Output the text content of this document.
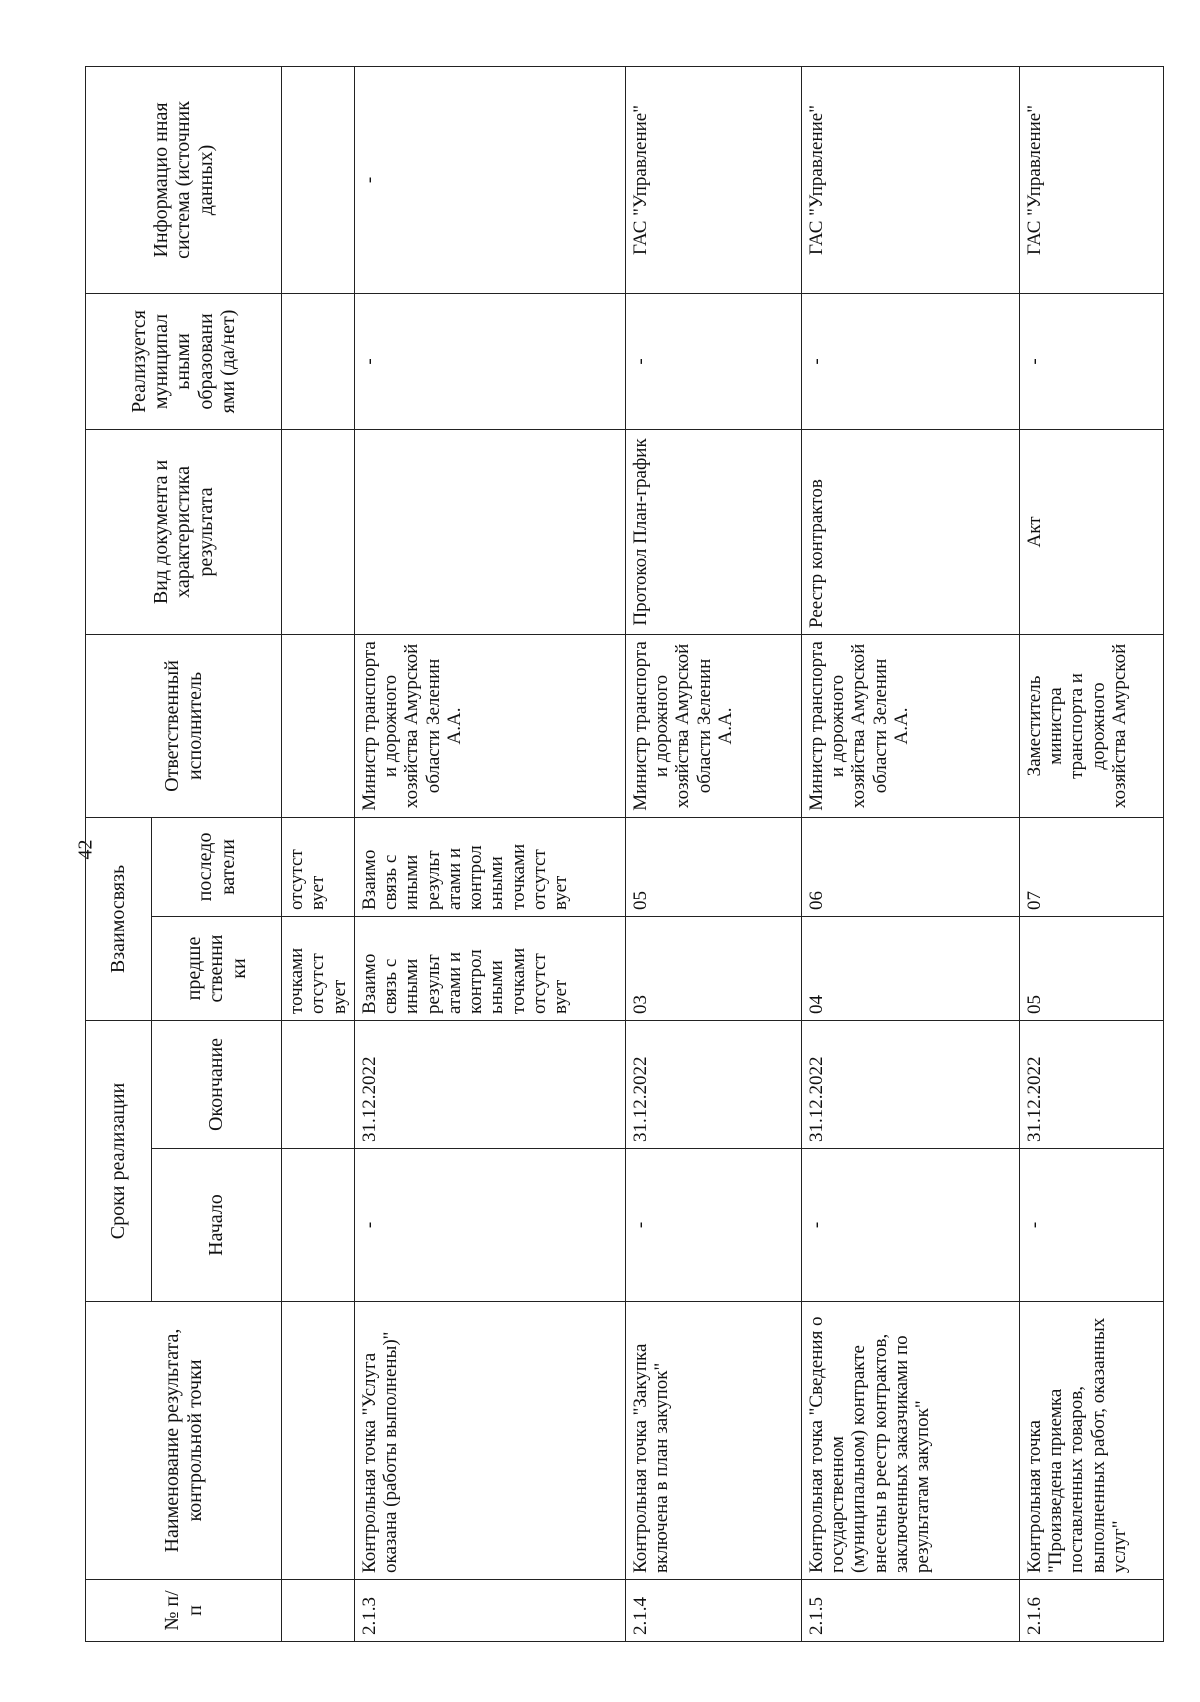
42
№ п/п	Наименование результата, контрольной точки	Сроки реализации		Взаимосвязь		Ответственный исполнитель	Вид документа и характеристика результата	Реализуется муниципал ьными образовани ями (да/нет)	Информацио нная система (источник данных)
		Начало	Окончание	предше ственни ки	последо ватели				
				точками отсутст вует	отсутст вует				
2.1.3	Контрольная точка "Услуга оказана (работы выполнены)"	-	31.12.2022	Взаимо связь с иными результ атами и контрол ьными точками отсутст вует	Взаимо связь с иными результ атами и контрол ьными точками отсутст вует	Министр транспорта и дорожного хозяйства Амурской области Зеленин А.А.		-	-
2.1.4	Контрольная точка "Закупка включена в план закупок"	-	31.12.2022	03	05	Министр транспорта и дорожного хозяйства Амурской области Зеленин А.А.	Протокол План-график	-	ГАС "Управление"
2.1.5	Контрольная точка "Сведения о государственном (муниципальном) контракте внесены в реестр контрактов, заключенных заказчиками по результатам закупок"	-	31.12.2022	04	06	Министр транспорта и дорожного хозяйства Амурской области Зеленин А.А.	Реестр контрактов	-	ГАС "Управление"
2.1.6	Контрольная точка "Произведена приемка поставленных товаров, выполненных работ, оказанных услуг"	-	31.12.2022	05	07	Заместитель министра транспорта и дорожного хозяйства Амурской	Акт	-	ГАС "Управление"
